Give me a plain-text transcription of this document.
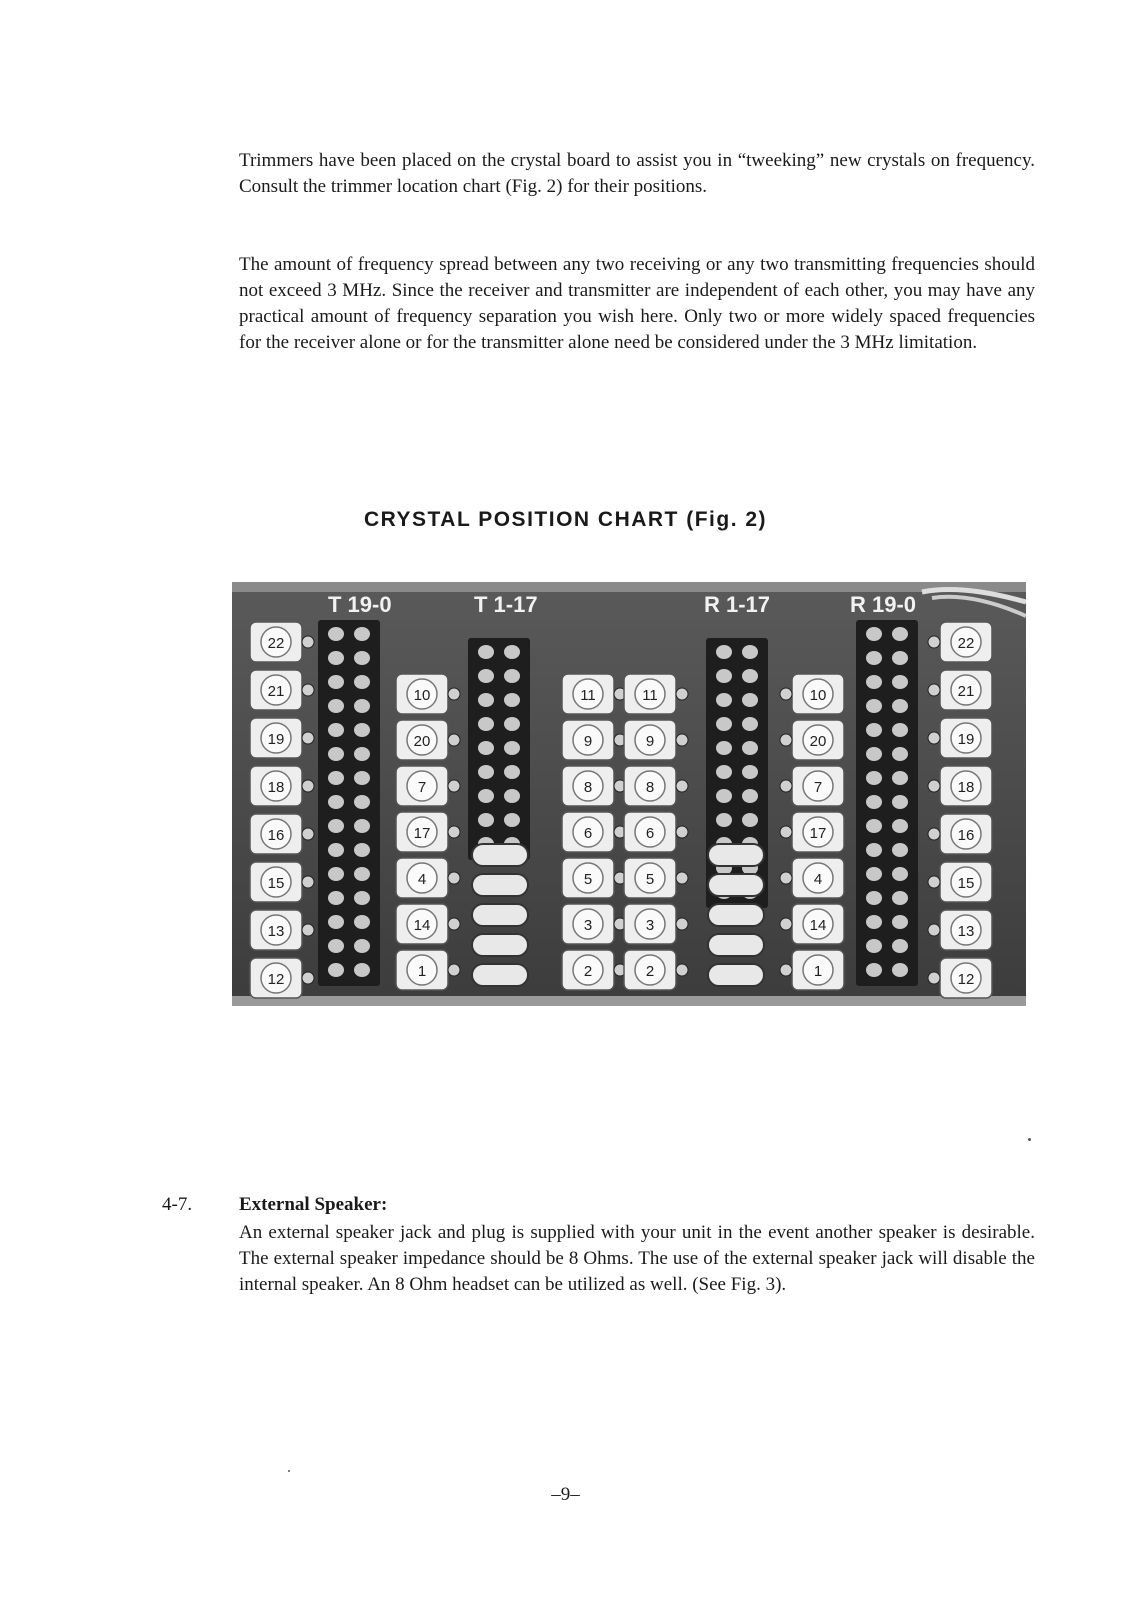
Trimmers have been placed on the crystal board to assist you in “tweeking” new crystals on frequency. Consult the trimmer location chart (Fig. 2) for their positions.

The amount of frequency spread between any two receiving or any two transmitting frequencies should not exceed 3 MHz. Since the receiver and transmitter are independent of each other, you may have any practical amount of frequency separation you wish here. Only two or more widely spaced frequencies for the receiver alone or for the transmitter alone need be considered under the 3 MHz limitation.

CRYSTAL POSITION CHART (Fig. 2)
T 19-0	T 1-17	R 1-17	R 19-0
22
21
19
18
16
15
13
12
10
20
7
17
4
14
1
11
9
8
6
5
3
2
11
9
8
6
5
3
2
10
20
7
17
4
14
1
22
21
19
18
16
15
13
12
4-7. External Speaker:

An external speaker jack and plug is supplied with your unit in the event another speaker is desirable. The external speaker impedance should be 8 Ohms. The use of the external speaker jack will disable the internal speaker. An 8 Ohm headset can be utilized as well. (See Fig. 3).

–9–
